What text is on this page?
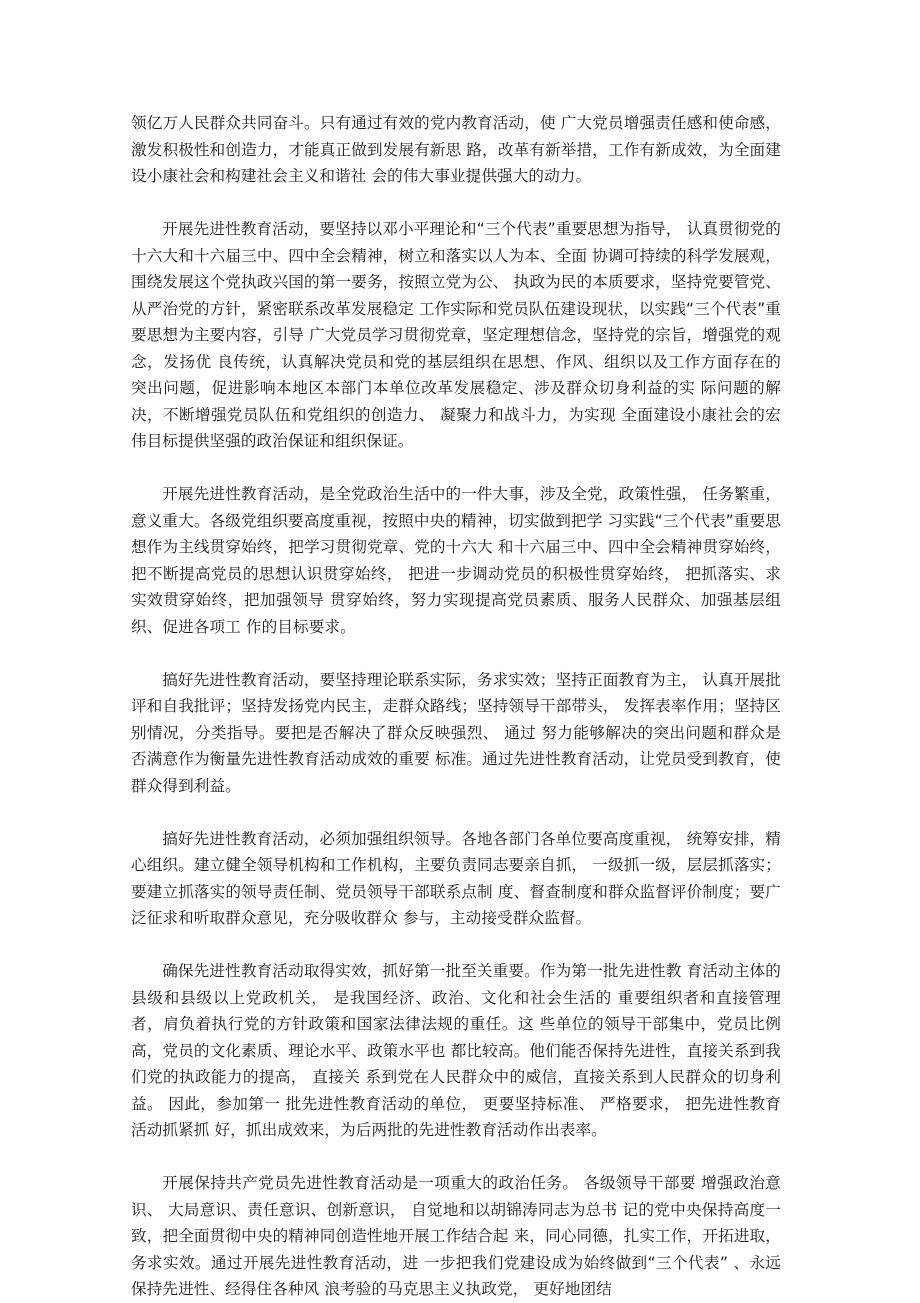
领亿万人民群众共同奋斗。只有通过有效的党内教育活动，使 广大党员增强责任感和使命感，激发积极性和创造力，才能真正做到发展有新思 路，改革有新举措，工作有新成效，为全面建设小康社会和构建社会主义和谐社 会的伟大事业提供强大的动力。

开展先进性教育活动，要坚持以邓小平理论和“三个代表”重要思想为指导， 认真贯彻党的十六大和十六届三中、四中全会精神，树立和落实以人为本、全面 协调可持续的科学发展观，围绕发展这个党执政兴国的第一要务，按照立党为公、 执政为民的本质要求，坚持党要管党、从严治党的方针，紧密联系改革发展稳定 工作实际和党员队伍建设现状，以实践“三个代表”重要思想为主要内容，引导 广大党员学习贯彻党章，坚定理想信念，坚持党的宗旨，增强党的观念，发扬优 良传统，认真解决党员和党的基层组织在思想、作风、组织以及工作方面存在的 突出问题，促进影响本地区本部门本单位改革发展稳定、涉及群众切身利益的实 际问题的解决，不断增强党员队伍和党组织的创造力、 凝聚力和战斗力，为实现 全面建设小康社会的宏伟目标提供坚强的政治保证和组织保证。

开展先进性教育活动，是全党政治生活中的一件大事，涉及全党，政策性强， 任务繁重，意义重大。各级党组织要高度重视，按照中央的精神，切实做到把学 习实践“三个代表”重要思想作为主线贯穿始终，把学习贯彻党章、党的十六大 和十六届三中、四中全会精神贯穿始终，把不断提高党员的思想认识贯穿始终， 把进一步调动党员的积极性贯穿始终， 把抓落实、求实效贯穿始终，把加强领导 贯穿始终，努力实现提高党员素质、服务人民群众、加强基层组织、促进各项工 作的目标要求。

搞好先进性教育活动，要坚持理论联系实际，务求实效；坚持正面教育为主， 认真开展批评和自我批评；坚持发扬党内民主，走群众路线；坚持领导干部带头， 发挥表率作用；坚持区别情况，分类指导。要把是否解决了群众反映强烈、 通过 努力能够解决的突出问题和群众是否满意作为衡量先进性教育活动成效的重要 标准。通过先进性教育活动，让党员受到教育，使群众得到利益。

搞好先进性教育活动，必须加强组织领导。各地各部门各单位要高度重视， 统筹安排，精心组织。建立健全领导机构和工作机构，主要负责同志要亲自抓， 一级抓一级，层层抓落实；要建立抓落实的领导责任制、党员领导干部联系点制 度、督查制度和群众监督评价制度；要广泛征求和听取群众意见，充分吸收群众 参与，主动接受群众监督。

确保先进性教育活动取得实效，抓好第一批至关重要。作为第一批先进性教 育活动主体的县级和县级以上党政机关， 是我国经济、政治、文化和社会生活的 重要组织者和直接管理者，肩负着执行党的方针政策和国家法律法规的重任。这 些单位的领导干部集中，党员比例高，党员的文化素质、理论水平、政策水平也 都比较高。他们能否保持先进性，直接关系到我们党的执政能力的提高， 直接关 系到党在人民群众中的威信，直接关系到人民群众的切身利益。 因此，参加第一 批先进性教育活动的单位， 更要坚持标准、 严格要求， 把先进性教育活动抓紧抓 好，抓出成效来，为后两批的先进性教育活动作出表率。

开展保持共产党员先进性教育活动是一项重大的政治任务。 各级领导干部要 增强政治意识、 大局意识、责任意识、创新意识， 自觉地和以胡锦涛同志为总书 记的党中央保持高度一致，把全面贯彻中央的精神同创造性地开展工作结合起 来，同心同德，扎实工作，开拓进取，务求实效。通过开展先进性教育活动，进 一步把我们党建设成为始终做到“三个代表” 、永远保持先进性、经得住各种风 浪考验的马克思主义执政党， 更好地团结
